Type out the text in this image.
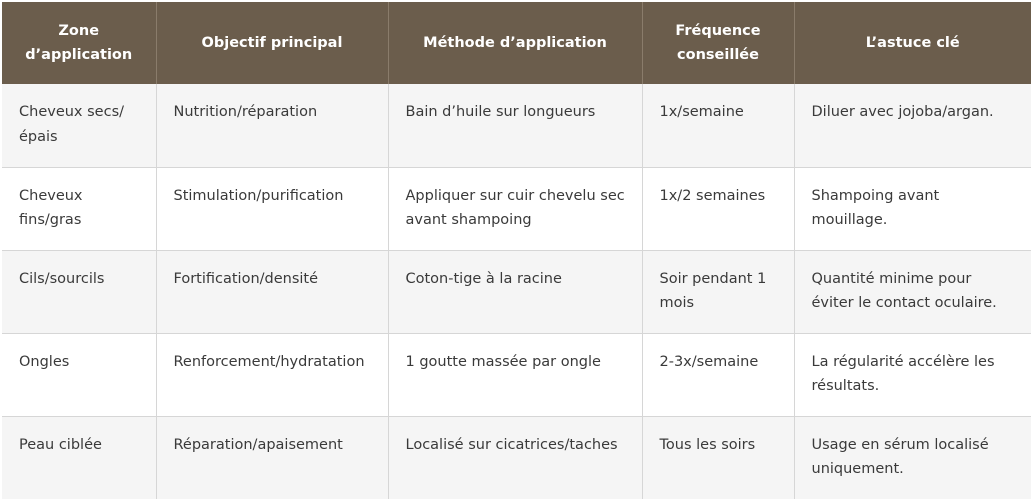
Zone d’application	Objectif principal	Méthode d’application	Fréquence conseillée	L’astuce clé
Cheveux secs/ épais	Nutrition/réparation	Bain d’huile sur longueurs	1x/semaine	Diluer avec jojoba/argan.
Cheveux fins/gras	Stimulation/purification	Appliquer sur cuir chevelu sec avant shampoing	1x/2 semaines	Shampoing avant mouillage.
Cils/sourcils	Fortification/densité	Coton-tige à la racine	Soir pendant 1 mois	Quantité minime pour éviter le contact oculaire.
Ongles	Renforcement/hydratation	1 goutte massée par ongle	2-3x/semaine	La régularité accélère les résultats.
Peau ciblée	Réparation/apaisement	Localisé sur cicatrices/taches	Tous les soirs	Usage en sérum localisé uniquement.
